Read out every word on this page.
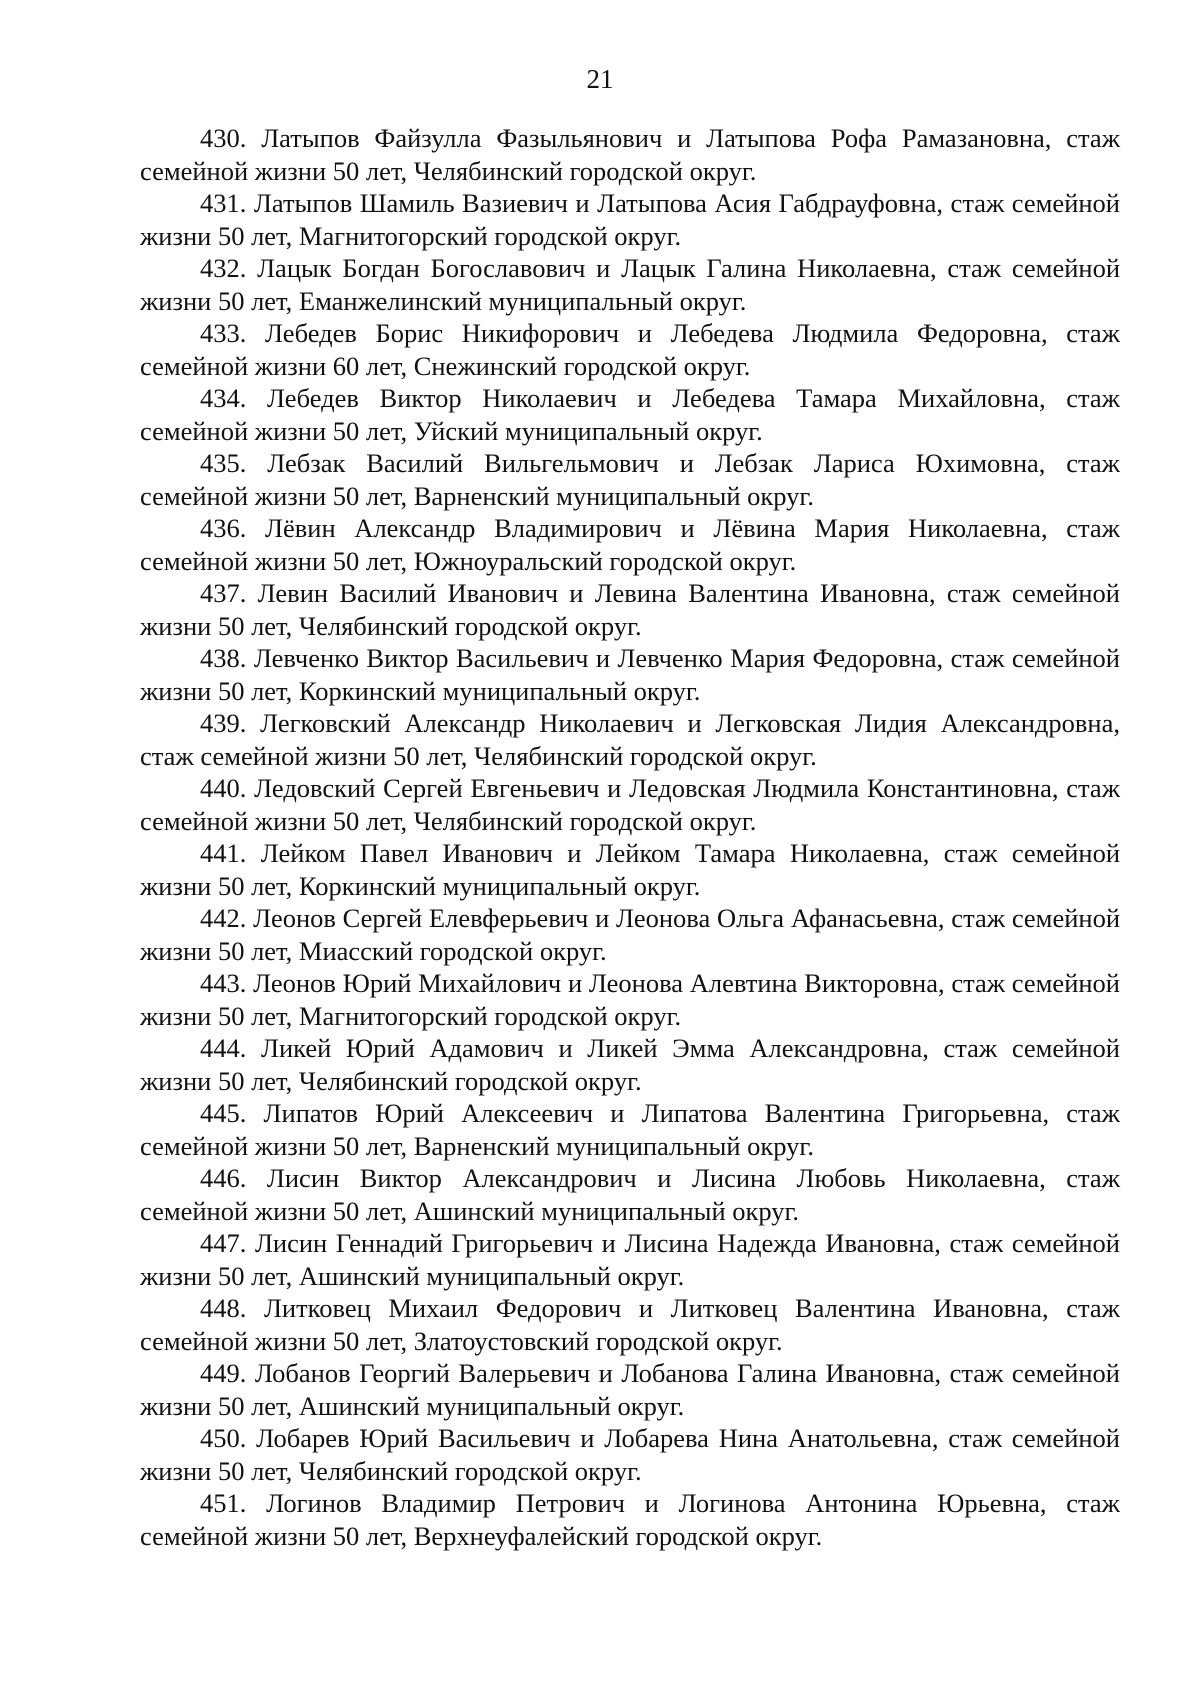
21

430. Латыпов Файзулла Фазыльянович и Латыпова Рофа Рамазановна, стаж семейной жизни 50 лет, Челябинский городской округ.

431. Латыпов Шамиль Вазиевич и Латыпова Асия Габдрауфовна, стаж семейной жизни 50 лет, Магнитогорский городской округ.

432. Лацык Богдан Богославович и Лацык Галина Николаевна, стаж семейной жизни 50 лет, Еманжелинский муниципальный округ.

433. Лебедев Борис Никифорович и Лебедева Людмила Федоровна, стаж семейной жизни 60 лет, Снежинский городской округ.

434. Лебедев Виктор Николаевич и Лебедева Тамара Михайловна, стаж семейной жизни 50 лет, Уйский муниципальный округ.

435. Лебзак Василий Вильгельмович и Лебзак Лариса Юхимовна, стаж семейной жизни 50 лет, Варненский муниципальный округ.

436. Лёвин Александр Владимирович и Лёвина Мария Николаевна, стаж семейной жизни 50 лет, Южноуральский городской округ.

437. Левин Василий Иванович и Левина Валентина Ивановна, стаж семейной жизни 50 лет, Челябинский городской округ.

438. Левченко Виктор Васильевич и Левченко Мария Федоровна, стаж семейной жизни 50 лет, Коркинский муниципальный округ.

439. Легковский Александр Николаевич и Легковская Лидия Александровна, стаж семейной жизни 50 лет, Челябинский городской округ.

440. Ледовский Сергей Евгеньевич и Ледовская Людмила Константиновна, стаж семейной жизни 50 лет, Челябинский городской округ.

441. Лейком Павел Иванович и Лейком Тамара Николаевна, стаж семейной жизни 50 лет, Коркинский муниципальный округ.

442. Леонов Сергей Елевферьевич и Леонова Ольга Афанасьевна, стаж семейной жизни 50 лет, Миасский городской округ.

443. Леонов Юрий Михайлович и Леонова Алевтина Викторовна, стаж семейной жизни 50 лет, Магнитогорский городской округ.

444. Ликей Юрий Адамович и Ликей Эмма Александровна, стаж семейной жизни 50 лет, Челябинский городской округ.

445. Липатов Юрий Алексеевич и Липатова Валентина Григорьевна, стаж семейной жизни 50 лет, Варненский муниципальный округ.

446. Лисин Виктор Александрович и Лисина Любовь Николаевна, стаж семейной жизни 50 лет, Ашинский муниципальный округ.

447. Лисин Геннадий Григорьевич и Лисина Надежда Ивановна, стаж семейной жизни 50 лет, Ашинский муниципальный округ.

448. Литковец Михаил Федорович и Литковец Валентина Ивановна, стаж семейной жизни 50 лет, Златоустовский городской округ.

449. Лобанов Георгий Валерьевич и Лобанова Галина Ивановна, стаж семейной жизни 50 лет, Ашинский муниципальный округ.

450. Лобарев Юрий Васильевич и Лобарева Нина Анатольевна, стаж семейной жизни 50 лет, Челябинский городской округ.

451. Логинов Владимир Петрович и Логинова Антонина Юрьевна, стаж семейной жизни 50 лет, Верхнеуфалейский городской округ.
